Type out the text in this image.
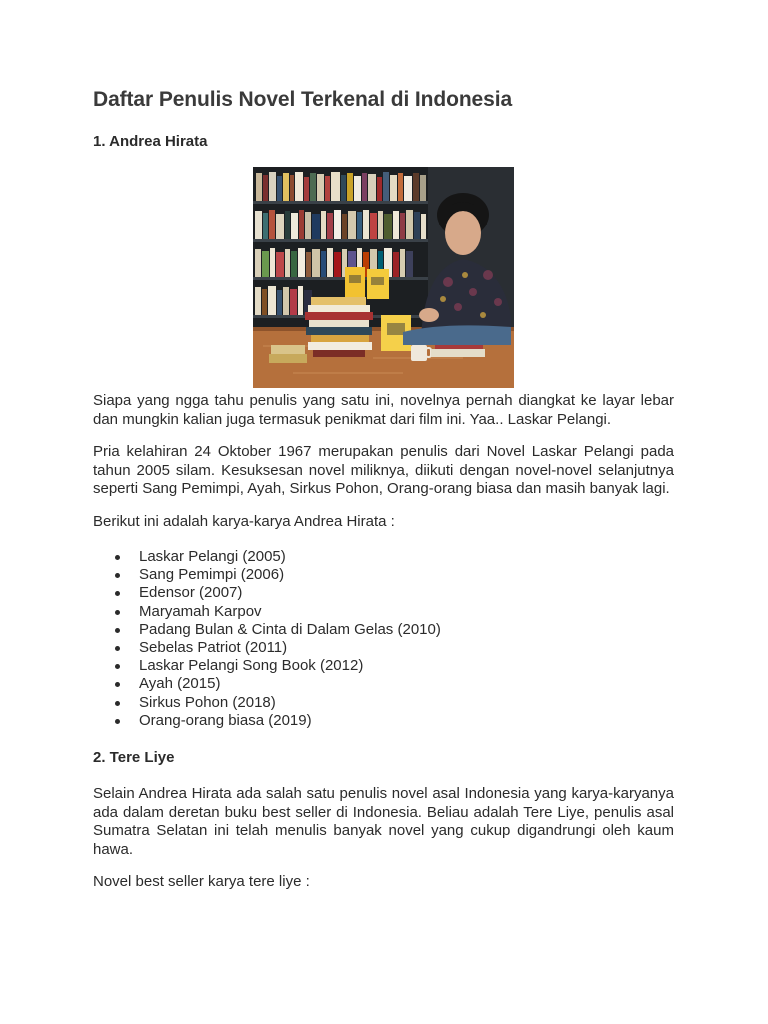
Daftar Penulis Novel Terkenal di Indonesia
1. Andrea Hirata

Siapa yang ngga tahu penulis yang satu ini, novelnya pernah diangkat ke layar lebar dan mungkin kalian juga termasuk penikmat dari film ini. Yaa.. Laskar Pelangi.

Pria kelahiran 24 Oktober 1967 merupakan penulis dari Novel Laskar Pelangi pada tahun 2005 silam. Kesuksesan novel miliknya, diikuti dengan novel-novel selanjutnya seperti Sang Pemimpi, Ayah, Sirkus Pohon, Orang-orang biasa dan masih banyak lagi.

Berikut ini adalah karya-karya Andrea Hirata :

Laskar Pelangi (2005)
Sang Pemimpi (2006)
Edensor (2007)
Maryamah Karpov
Padang Bulan & Cinta di Dalam Gelas (2010)
Sebelas Patriot (2011)
Laskar Pelangi Song Book (2012)
Ayah (2015)
Sirkus Pohon (2018)
Orang-orang biasa (2019)
2. Tere Liye

Selain Andrea Hirata ada salah satu penulis novel asal Indonesia yang karya-karyanya ada dalam deretan buku best seller di Indonesia. Beliau adalah Tere Liye, penulis asal Sumatra Selatan ini telah menulis banyak novel yang cukup digandrungi oleh kaum hawa.

Novel best seller karya tere liye :
